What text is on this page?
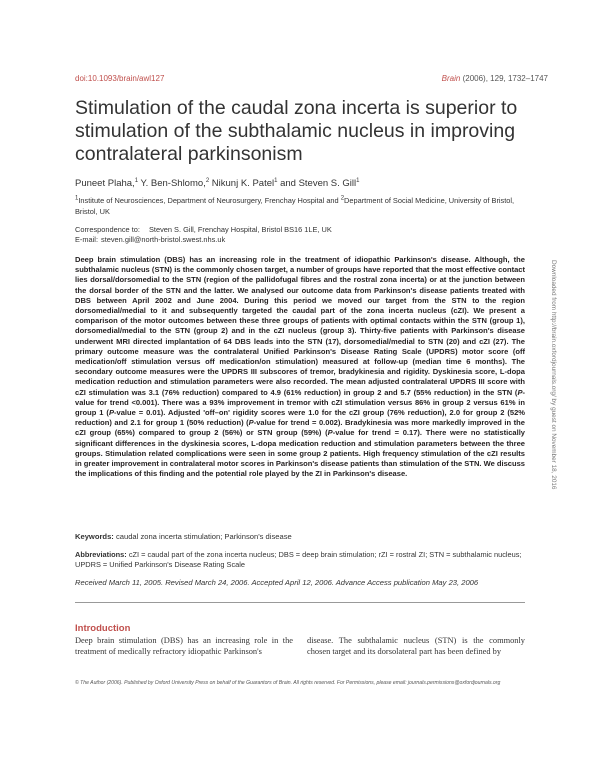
doi:10.1093/brain/awl127	Brain (2006), 129, 1732–1747
Stimulation of the caudal zona incerta is superior to stimulation of the subthalamic nucleus in improving contralateral parkinsonism
Puneet Plaha,$^1$ Y. Ben-Shlomo,$^2$ Nikunj K. Patel$^1$ and Steven S. Gill$^1$
$^1$Institute of Neurosciences, Department of Neurosurgery, Frenchay Hospital and $^2$Department of Social Medicine, University of Bristol, Bristol, UK
Correspondence to:	Steven S. Gill, Frenchay Hospital, Bristol BS16 1LE, UK
E-mail: steven.gill@north-bristol.swest.nhs.uk

Deep brain stimulation (DBS) has an increasing role in the treatment of idiopathic Parkinson's disease. Although, the subthalamic nucleus (STN) is the commonly chosen target, a number of groups have reported that the most effective contact lies dorsal/dorsomedial to the STN (region of the pallidofugal fibres and the rostral zona incerta) or at the junction between the dorsal border of the STN and the latter. We analysed our outcome data from Parkinson's disease patients treated with DBS between April 2002 and June 2004. During this period we moved our target from the STN to the region dorsomedial/medial to it and subsequently targeted the caudal part of the zona incerta nucleus (cZI). We present a comparison of the motor outcomes between these three groups of patients with optimal contacts within the STN (group 1), dorsomedial/medial to the STN (group 2) and in the cZI nucleus (group 3). Thirty-five patients with Parkinson's disease underwent MRI directed implantation of 64 DBS leads into the STN (17), dorsomedial/medial to STN (20) and cZI (27). The primary outcome measure was the contralateral Unified Parkinson's Disease Rating Scale (UPDRS) motor score (off medication/off stimulation versus off medication/on stimulation) measured at follow-up (median time 6 months). The secondary outcome measures were the UPDRS III subscores of tremor, bradykinesia and rigidity. Dyskinesia score, L-dopa medication reduction and stimulation parameters were also recorded. The mean adjusted contralateral UPDRS III score with cZI stimulation was 3.1 (76% reduction) compared to 4.9 (61% reduction) in group 2 and 5.7 (55% reduction) in the STN (P-value for trend <0.001). There was a 93% improvement in tremor with cZI stimulation versus 86% in group 2 versus 61% in group 1 (P-value = 0.01). Adjusted 'off–on' rigidity scores were 1.0 for the cZI group (76% reduction), 2.0 for group 2 (52% reduction) and 2.1 for group 1 (50% reduction) (P-value for trend = 0.002). Bradykinesia was more markedly improved in the cZI group (65%) compared to group 2 (56%) or STN group (59%) (P-value for trend = 0.17). There were no statistically significant differences in the dyskinesia scores, L-dopa medication reduction and stimulation parameters between the three groups. Stimulation related complications were seen in some group 2 patients. High frequency stimulation of the cZI results in greater improvement in contralateral motor scores in Parkinson's disease patients than stimulation of the STN. We discuss the implications of this finding and the potential role played by the ZI in Parkinson's disease.

Keywords: caudal zona incerta stimulation; Parkinson's disease
Abbreviations: cZI = caudal part of the zona incerta nucleus; DBS = deep brain stimulation; rZI = rostral ZI; STN = subthalamic nucleus; UPDRS = Unified Parkinson's Disease Rating Scale
Received March 11, 2005. Revised March 24, 2006. Accepted April 12, 2006. Advance Access publication May 23, 2006
Introduction
Deep brain stimulation (DBS) has an increasing role in the treatment of medically refractory idiopathic Parkinson's
disease. The subthalamic nucleus (STN) is the commonly chosen target and its dorsolateral part has been defined by
© The Author (2006). Published by Oxford University Press on behalf of the Guarantors of Brain. All rights reserved. For Permissions, please email: journals.permissions@oxfordjournals.org
Downloaded from http://brain.oxfordjournals.org/ by guest on November 18, 2016
